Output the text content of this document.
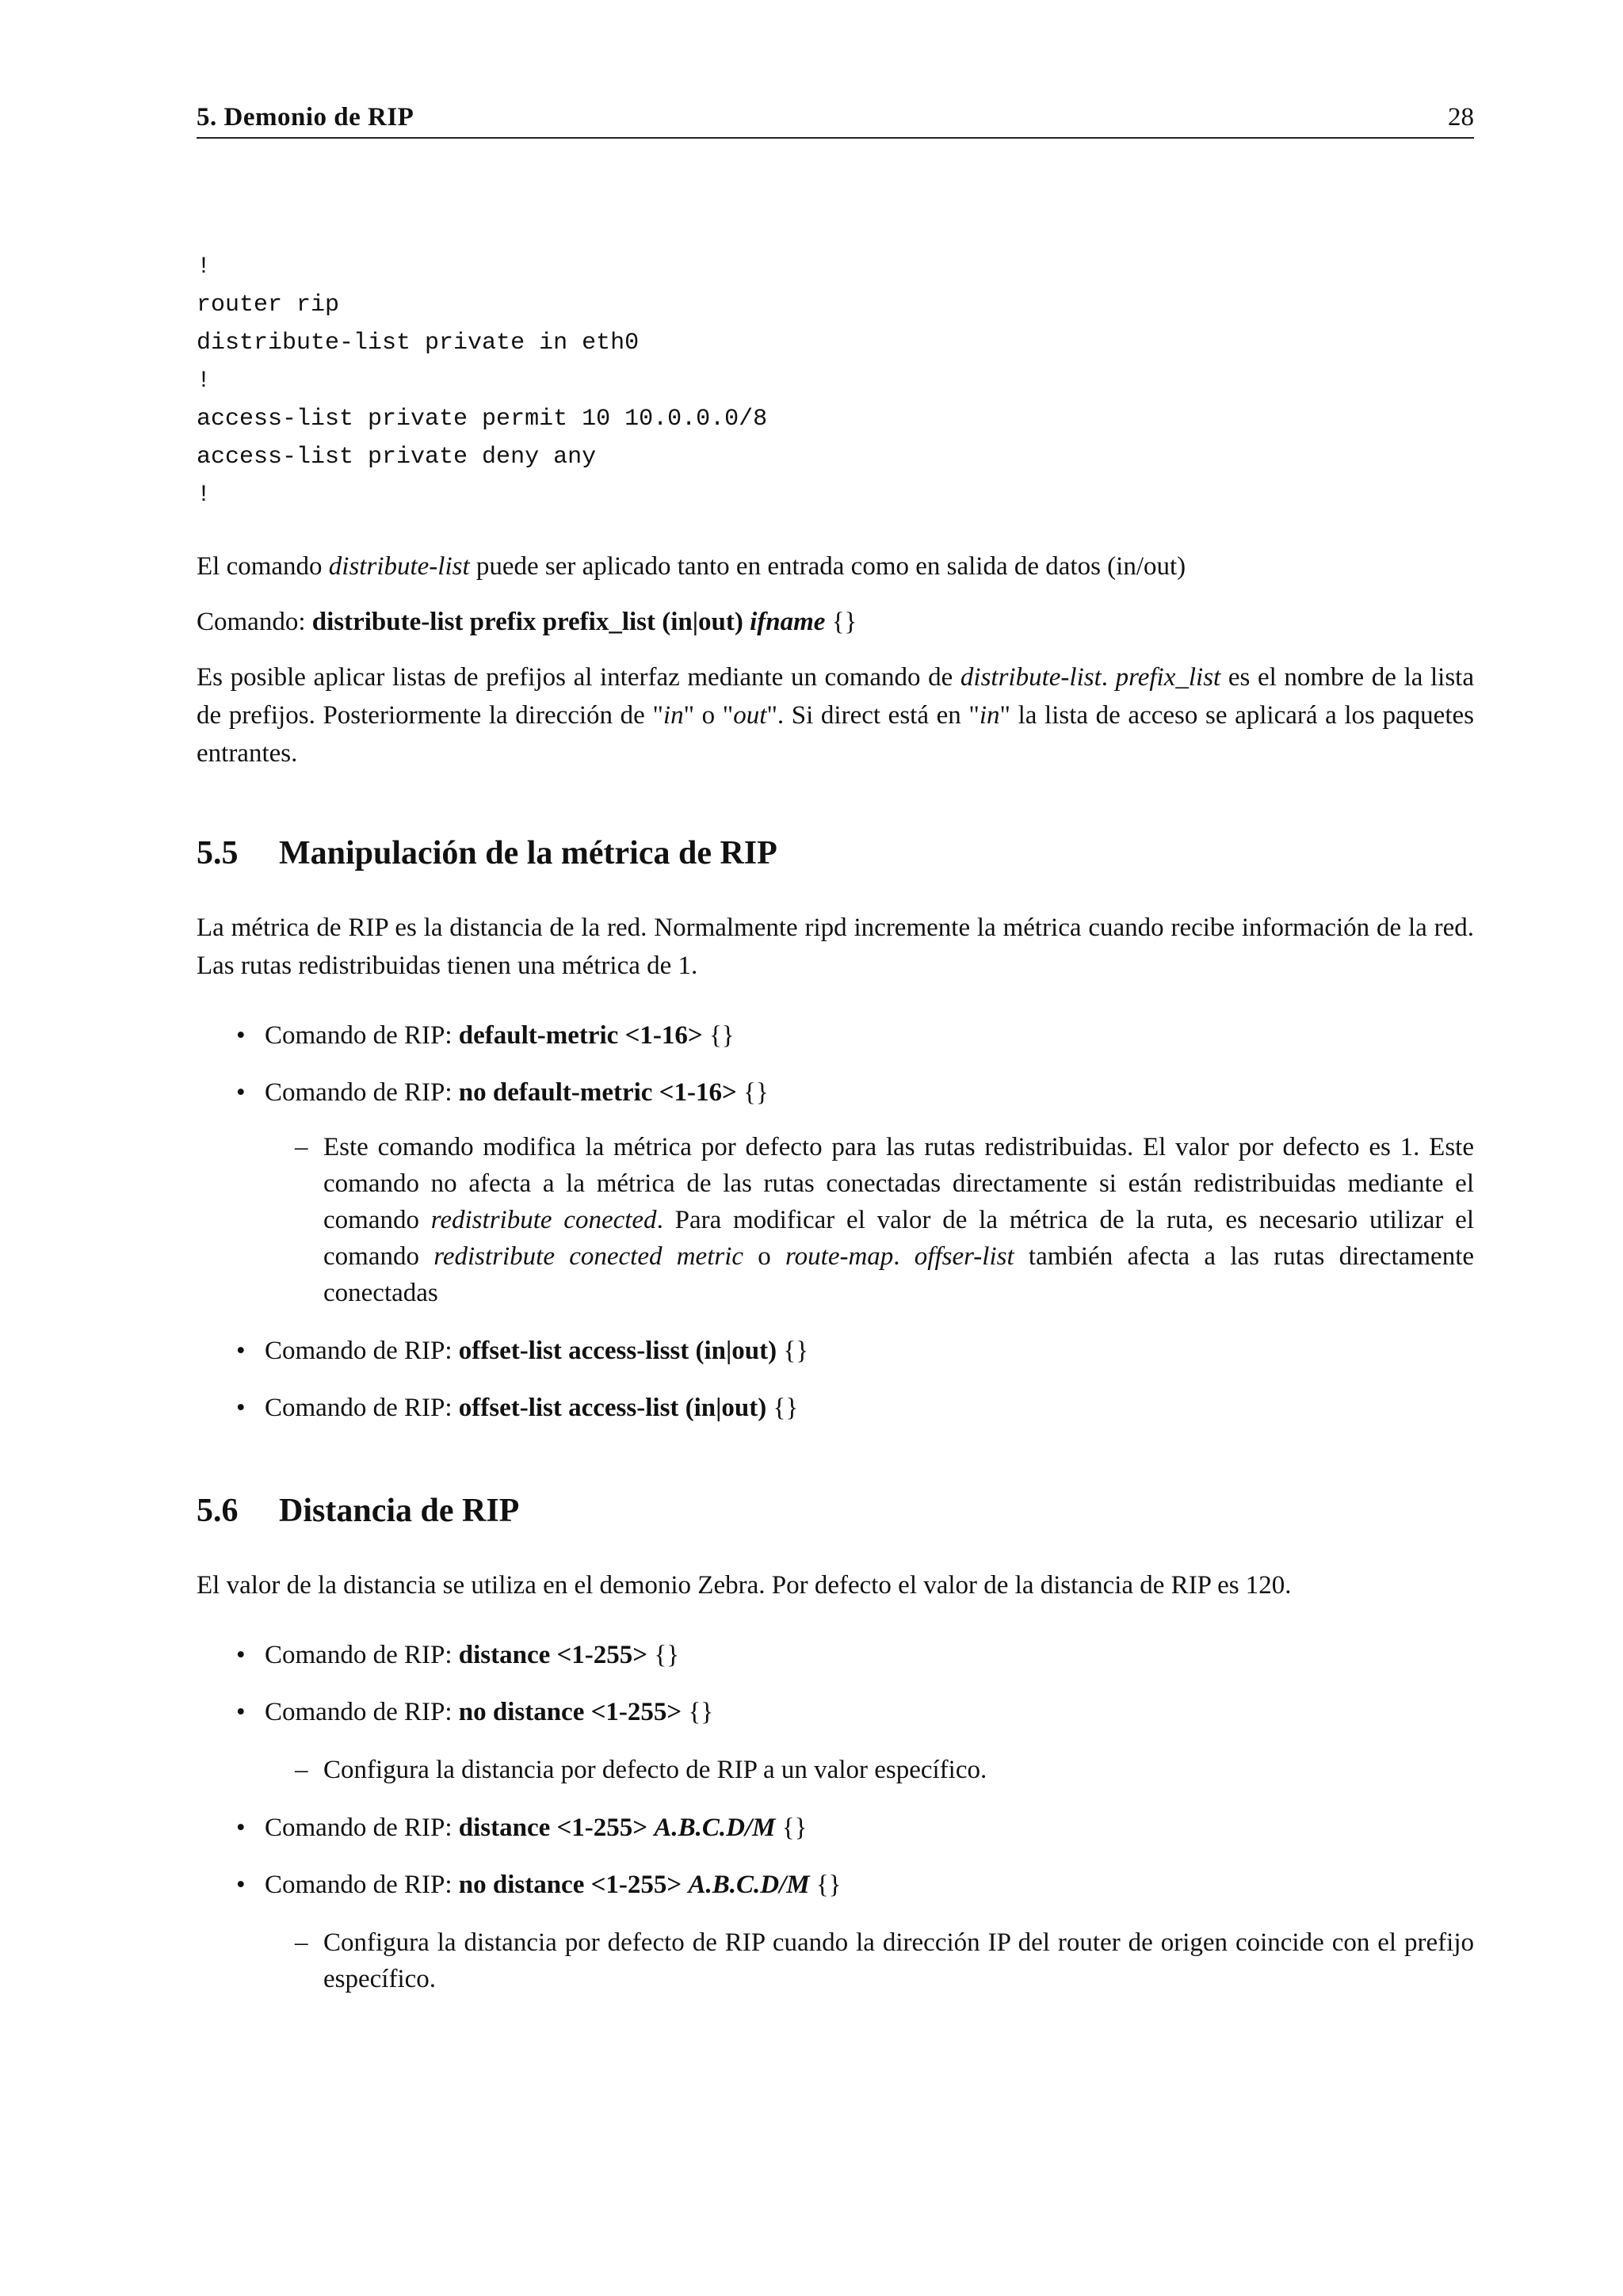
5. Demonio de RIP	28
!
router rip
distribute-list private in eth0
!
access-list private permit 10 10.0.0.0/8
access-list private deny any
!

El comando distribute-list puede ser aplicado tanto en entrada como en salida de datos (in/out)

Comando: distribute-list prefix prefix_list (in|out) ifname {}

Es posible aplicar listas de prefijos al interfaz mediante un comando de distribute-list. prefix_list es el nombre de la lista de prefijos. Posteriormente la dirección de "in" o "out". Si direct está en "in" la lista de acceso se aplicará a los paquetes entrantes.

5.5 Manipulación de la métrica de RIP

La métrica de RIP es la distancia de la red. Normalmente ripd incremente la métrica cuando recibe información de la red. Las rutas redistribuidas tienen una métrica de 1.

• Comando de RIP: default-metric <1-16> {}
• Comando de RIP: no default-metric <1-16> {}
– Este comando modifica la métrica por defecto para las rutas redistribuidas. El valor por defecto es 1. Este comando no afecta a la métrica de las rutas conectadas directamente si están redistribuidas mediante el comando redistribute conected. Para modificar el valor de la métrica de la ruta, es necesario utilizar el comando redistribute conected metric o route-map. offser-list también afecta a las rutas directamente conectadas
• Comando de RIP: offset-list access-lisst (in|out) {}
• Comando de RIP: offset-list access-list (in|out) {}
5.6 Distancia de RIP

El valor de la distancia se utiliza en el demonio Zebra. Por defecto el valor de la distancia de RIP es 120.

• Comando de RIP: distance <1-255> {}
• Comando de RIP: no distance <1-255> {}
– Configura la distancia por defecto de RIP a un valor específico.
• Comando de RIP: distance <1-255> A.B.C.D/M {}
• Comando de RIP: no distance <1-255> A.B.C.D/M {}
– Configura la distancia por defecto de RIP cuando la dirección IP del router de origen coincide con el prefijo específico.
